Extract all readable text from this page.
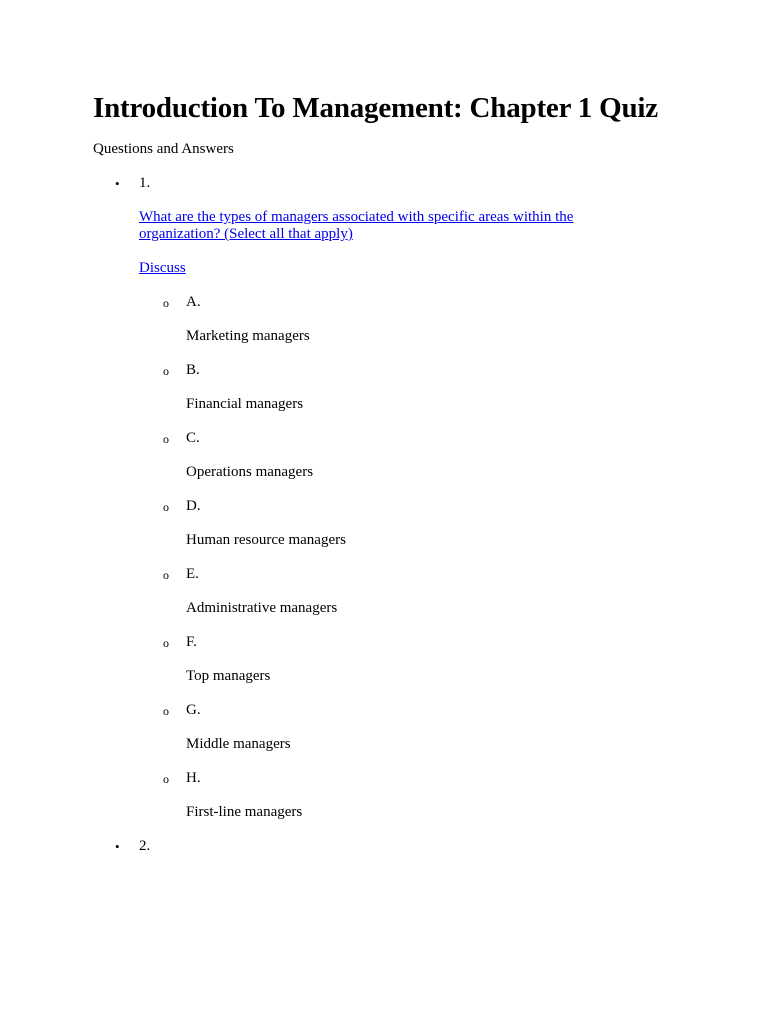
Introduction To Management: Chapter 1 Quiz
Questions and Answers
• 1.
What are the types of managers associated with specific areas within the organization? (Select all that apply)
Discuss
o A.
Marketing managers
o B.
Financial managers
o C.
Operations managers
o D.
Human resource managers
o E.
Administrative managers
o F.
Top managers
o G.
Middle managers
o H.
First-line managers
• 2.
